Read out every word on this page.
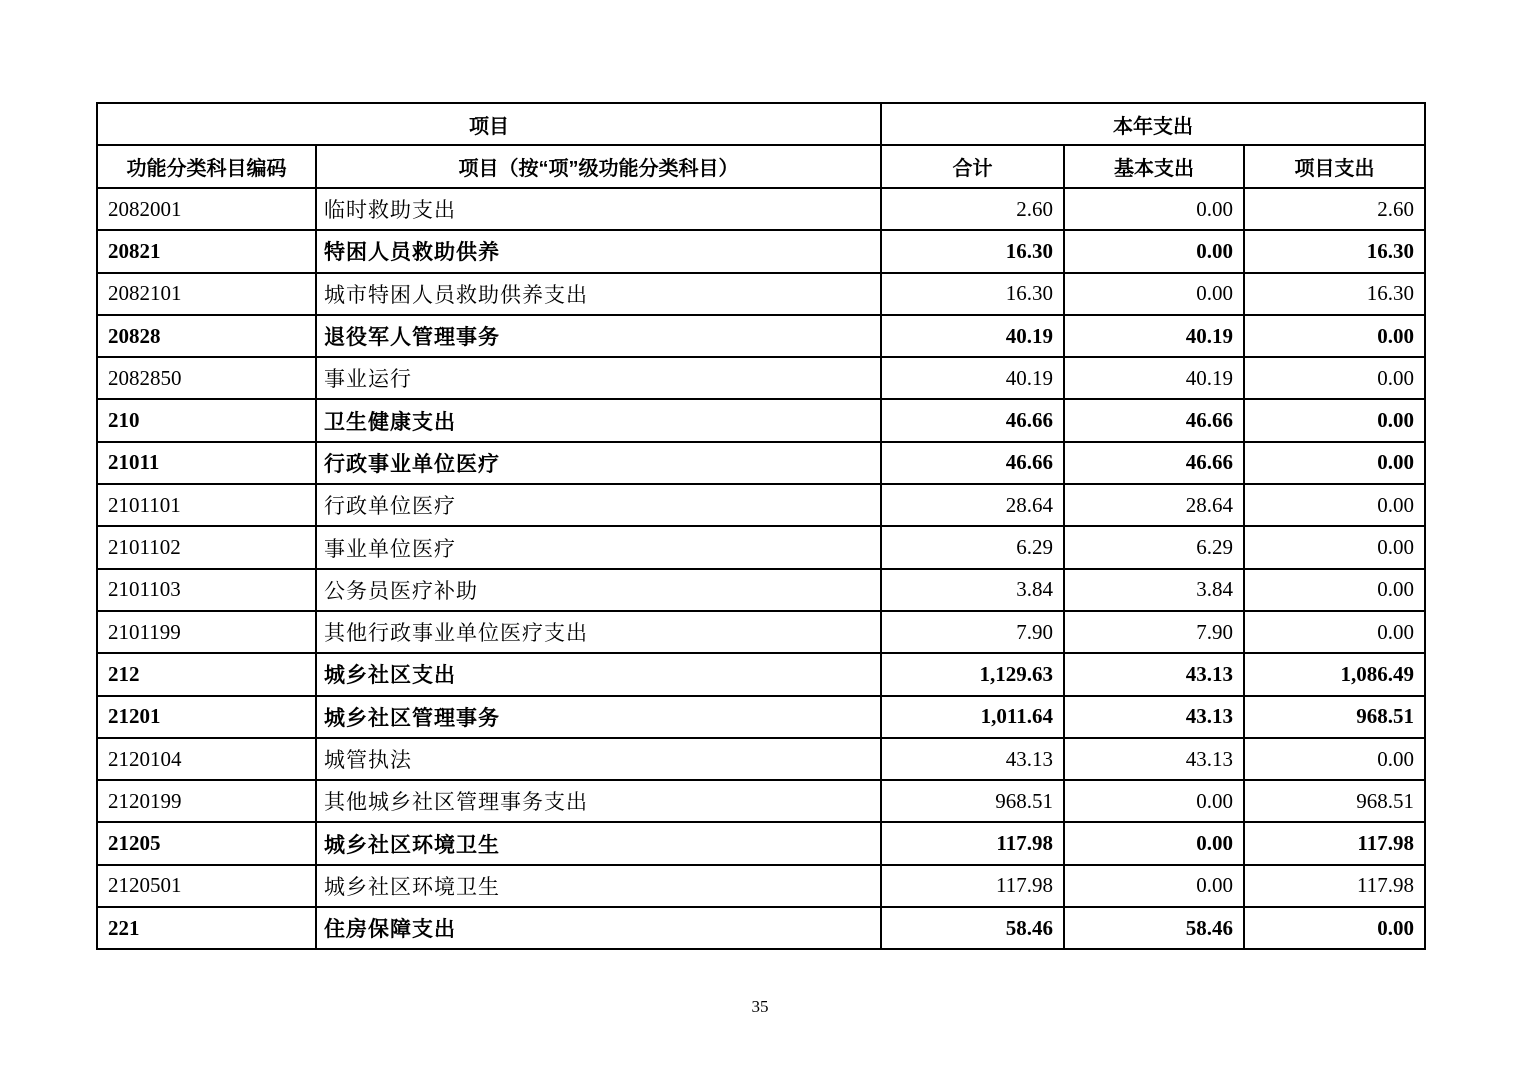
项目		本年支出		
功能分类科目编码	项目（按“项”级功能分类科目）	合计	基本支出	项目支出
2082001	临时救助支出	2.60	0.00	2.60
20821	特困人员救助供养	16.30	0.00	16.30
2082101	城市特困人员救助供养支出	16.30	0.00	16.30
20828	退役军人管理事务	40.19	40.19	0.00
2082850	事业运行	40.19	40.19	0.00
210	卫生健康支出	46.66	46.66	0.00
21011	行政事业单位医疗	46.66	46.66	0.00
2101101	行政单位医疗	28.64	28.64	0.00
2101102	事业单位医疗	6.29	6.29	0.00
2101103	公务员医疗补助	3.84	3.84	0.00
2101199	其他行政事业单位医疗支出	7.90	7.90	0.00
212	城乡社区支出	1,129.63	43.13	1,086.49
21201	城乡社区管理事务	1,011.64	43.13	968.51
2120104	城管执法	43.13	43.13	0.00
2120199	其他城乡社区管理事务支出	968.51	0.00	968.51
21205	城乡社区环境卫生	117.98	0.00	117.98
2120501	城乡社区环境卫生	117.98	0.00	117.98
221	住房保障支出	58.46	58.46	0.00
35
